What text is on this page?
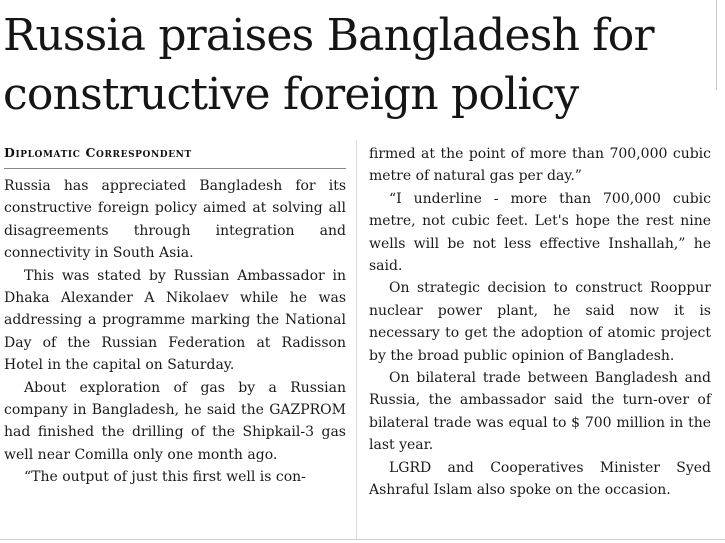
Russia praises Bangladesh for constructive foreign policy
Diplomatic Correspondent

Russia has appreciated Bangladesh for its constructive foreign policy aimed at solving all disagreements through integration and connectivity in South Asia.

This was stated by Russian Ambassador in Dhaka Alexander A Nikolaev while he was addressing a programme marking the National Day of the Russian Federation at Radisson Hotel in the capital on Saturday.

About exploration of gas by a Russian company in Bangladesh, he said the GAZPROM had finished the drilling of the Shipkail-3 gas well near Comilla only one month ago.

“The output of just this first well is con-

firmed at the point of more than 700,000 cubic metre of natural gas per day.”

“I underline - more than 700,000 cubic metre, not cubic feet. Let's hope the rest nine wells will be not less effective Inshallah,” he said.

On strategic decision to construct Rooppur nuclear power plant, he said now it is necessary to get the adoption of atomic project by the broad public opinion of Bangladesh.

On bilateral trade between Bangladesh and Russia, the ambassador said the turn-over of bilateral trade was equal to $ 700 million in the last year.

LGRD and Cooperatives Minister Syed Ashraful Islam also spoke on the occasion.
